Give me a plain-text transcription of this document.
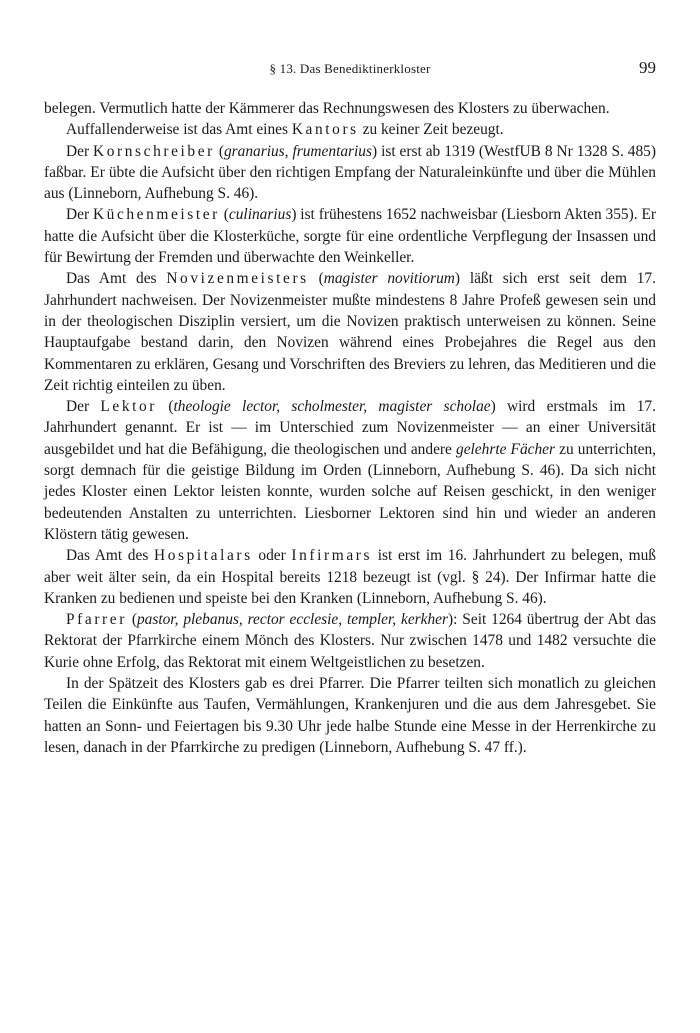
§ 13. Das Benediktinerkloster	99

belegen. Vermutlich hatte der Kämmerer das Rechnungswesen des Klosters zu überwachen.

Auffallenderweise ist das Amt eines Kantors zu keiner Zeit bezeugt.

Der Kornschreiber (granarius, frumentarius) ist erst ab 1319 (WestfUB 8 Nr 1328 S. 485) faßbar. Er übte die Aufsicht über den richtigen Empfang der Naturaleinkünfte und über die Mühlen aus (Linneborn, Aufhebung S. 46).

Der Küchenmeister (culinarius) ist frühestens 1652 nachweisbar (Liesborn Akten 355). Er hatte die Aufsicht über die Klosterküche, sorgte für eine ordentliche Verpflegung der Insassen und für Bewirtung der Fremden und überwachte den Weinkeller.

Das Amt des Novizenmeisters (magister novitiorum) läßt sich erst seit dem 17. Jahrhundert nachweisen. Der Novizenmeister mußte mindestens 8 Jahre Profeß gewesen sein und in der theologischen Disziplin versiert, um die Novizen praktisch unterweisen zu können. Seine Hauptaufgabe bestand darin, den Novizen während eines Probejahres die Regel aus den Kommentaren zu erklären, Gesang und Vorschriften des Breviers zu lehren, das Meditieren und die Zeit richtig einteilen zu üben.

Der Lektor (theologie lector, scholmester, magister scholae) wird erstmals im 17. Jahrhundert genannt. Er ist — im Unterschied zum Novizenmeister — an einer Universität ausgebildet und hat die Befähigung, die theologischen und andere gelehrte Fächer zu unterrichten, sorgt demnach für die geistige Bildung im Orden (Linneborn, Aufhebung S. 46). Da sich nicht jedes Kloster einen Lektor leisten konnte, wurden solche auf Reisen geschickt, in den weniger bedeutenden Anstalten zu unterrichten. Liesborner Lektoren sind hin und wieder an anderen Klöstern tätig gewesen.

Das Amt des Hospitalars oder Infirmars ist erst im 16. Jahrhundert zu belegen, muß aber weit älter sein, da ein Hospital bereits 1218 bezeugt ist (vgl. § 24). Der Infirmar hatte die Kranken zu bedienen und speiste bei den Kranken (Linneborn, Aufhebung S. 46).

Pfarrer (pastor, plebanus, rector ecclesie, templer, kerkher): Seit 1264 übertrug der Abt das Rektorat der Pfarrkirche einem Mönch des Klosters. Nur zwischen 1478 und 1482 versuchte die Kurie ohne Erfolg, das Rektorat mit einem Weltgeistlichen zu besetzen.

In der Spätzeit des Klosters gab es drei Pfarrer. Die Pfarrer teilten sich monatlich zu gleichen Teilen die Einkünfte aus Taufen, Vermählungen, Krankenjuren und die aus dem Jahresgebet. Sie hatten an Sonn- und Feiertagen bis 9.30 Uhr jede halbe Stunde eine Messe in der Herrenkirche zu lesen, danach in der Pfarrkirche zu predigen (Linneborn, Aufhebung S. 47 ff.).
